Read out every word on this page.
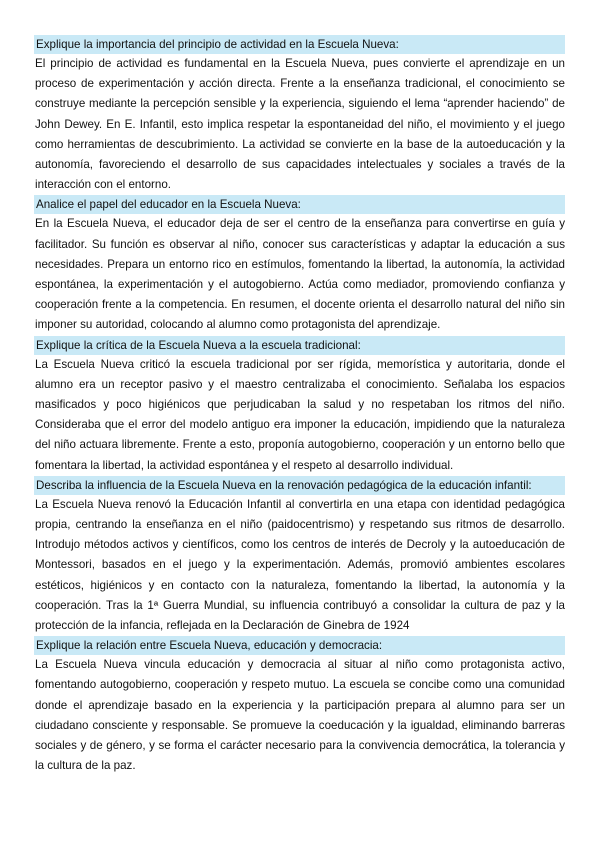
Explique la importancia del principio de actividad en la Escuela Nueva:

El principio de actividad es fundamental en la Escuela Nueva, pues convierte el aprendizaje en un proceso de experimentación y acción directa. Frente a la enseñanza tradicional, el conocimiento se construye mediante la percepción sensible y la experiencia, siguiendo el lema “aprender haciendo” de John Dewey. En E. Infantil, esto implica respetar la espontaneidad del niño, el movimiento y el juego como herramientas de descubrimiento. La actividad se convierte en la base de la autoeducación y la autonomía, favoreciendo el desarrollo de sus capacidades intelectuales y sociales a través de la interacción con el entorno.

Analice el papel del educador en la Escuela Nueva:

En la Escuela Nueva, el educador deja de ser el centro de la enseñanza para convertirse en guía y facilitador. Su función es observar al niño, conocer sus características y adaptar la educación a sus necesidades. Prepara un entorno rico en estímulos, fomentando la libertad, la autonomía, la actividad espontánea, la experimentación y el autogobierno. Actúa como mediador, promoviendo confianza y cooperación frente a la competencia. En resumen, el docente orienta el desarrollo natural del niño sin imponer su autoridad, colocando al alumno como protagonista del aprendizaje.

Explique la crítica de la Escuela Nueva a la escuela tradicional:

La Escuela Nueva criticó la escuela tradicional por ser rígida, memorística y autoritaria, donde el alumno era un receptor pasivo y el maestro centralizaba el conocimiento. Señalaba los espacios masificados y poco higiénicos que perjudicaban la salud y no respetaban los ritmos del niño. Consideraba que el error del modelo antiguo era imponer la educación, impidiendo que la naturaleza del niño actuara libremente. Frente a esto, proponía autogobierno, cooperación y un entorno bello que fomentara la libertad, la actividad espontánea y el respeto al desarrollo individual.

Describa la influencia de la Escuela Nueva en la renovación pedagógica de la educación infantil:

La Escuela Nueva renovó la Educación Infantil al convertirla en una etapa con identidad pedagógica propia, centrando la enseñanza en el niño (paidocentrismo) y respetando sus ritmos de desarrollo. Introdujo métodos activos y científicos, como los centros de interés de Decroly y la autoeducación de Montessori, basados en el juego y la experimentación. Además, promovió ambientes escolares estéticos, higiénicos y en contacto con la naturaleza, fomentando la libertad, la autonomía y la cooperación. Tras la 1ª Guerra Mundial, su influencia contribuyó a consolidar la cultura de paz y la protección de la infancia, reflejada en la Declaración de Ginebra de 1924

Explique la relación entre Escuela Nueva, educación y democracia:

La Escuela Nueva vincula educación y democracia al situar al niño como protagonista activo, fomentando autogobierno, cooperación y respeto mutuo. La escuela se concibe como una comunidad donde el aprendizaje basado en la experiencia y la participación prepara al alumno para ser un ciudadano consciente y responsable. Se promueve la coeducación y la igualdad, eliminando barreras sociales y de género, y se forma el carácter necesario para la convivencia democrática, la tolerancia y la cultura de la paz.
